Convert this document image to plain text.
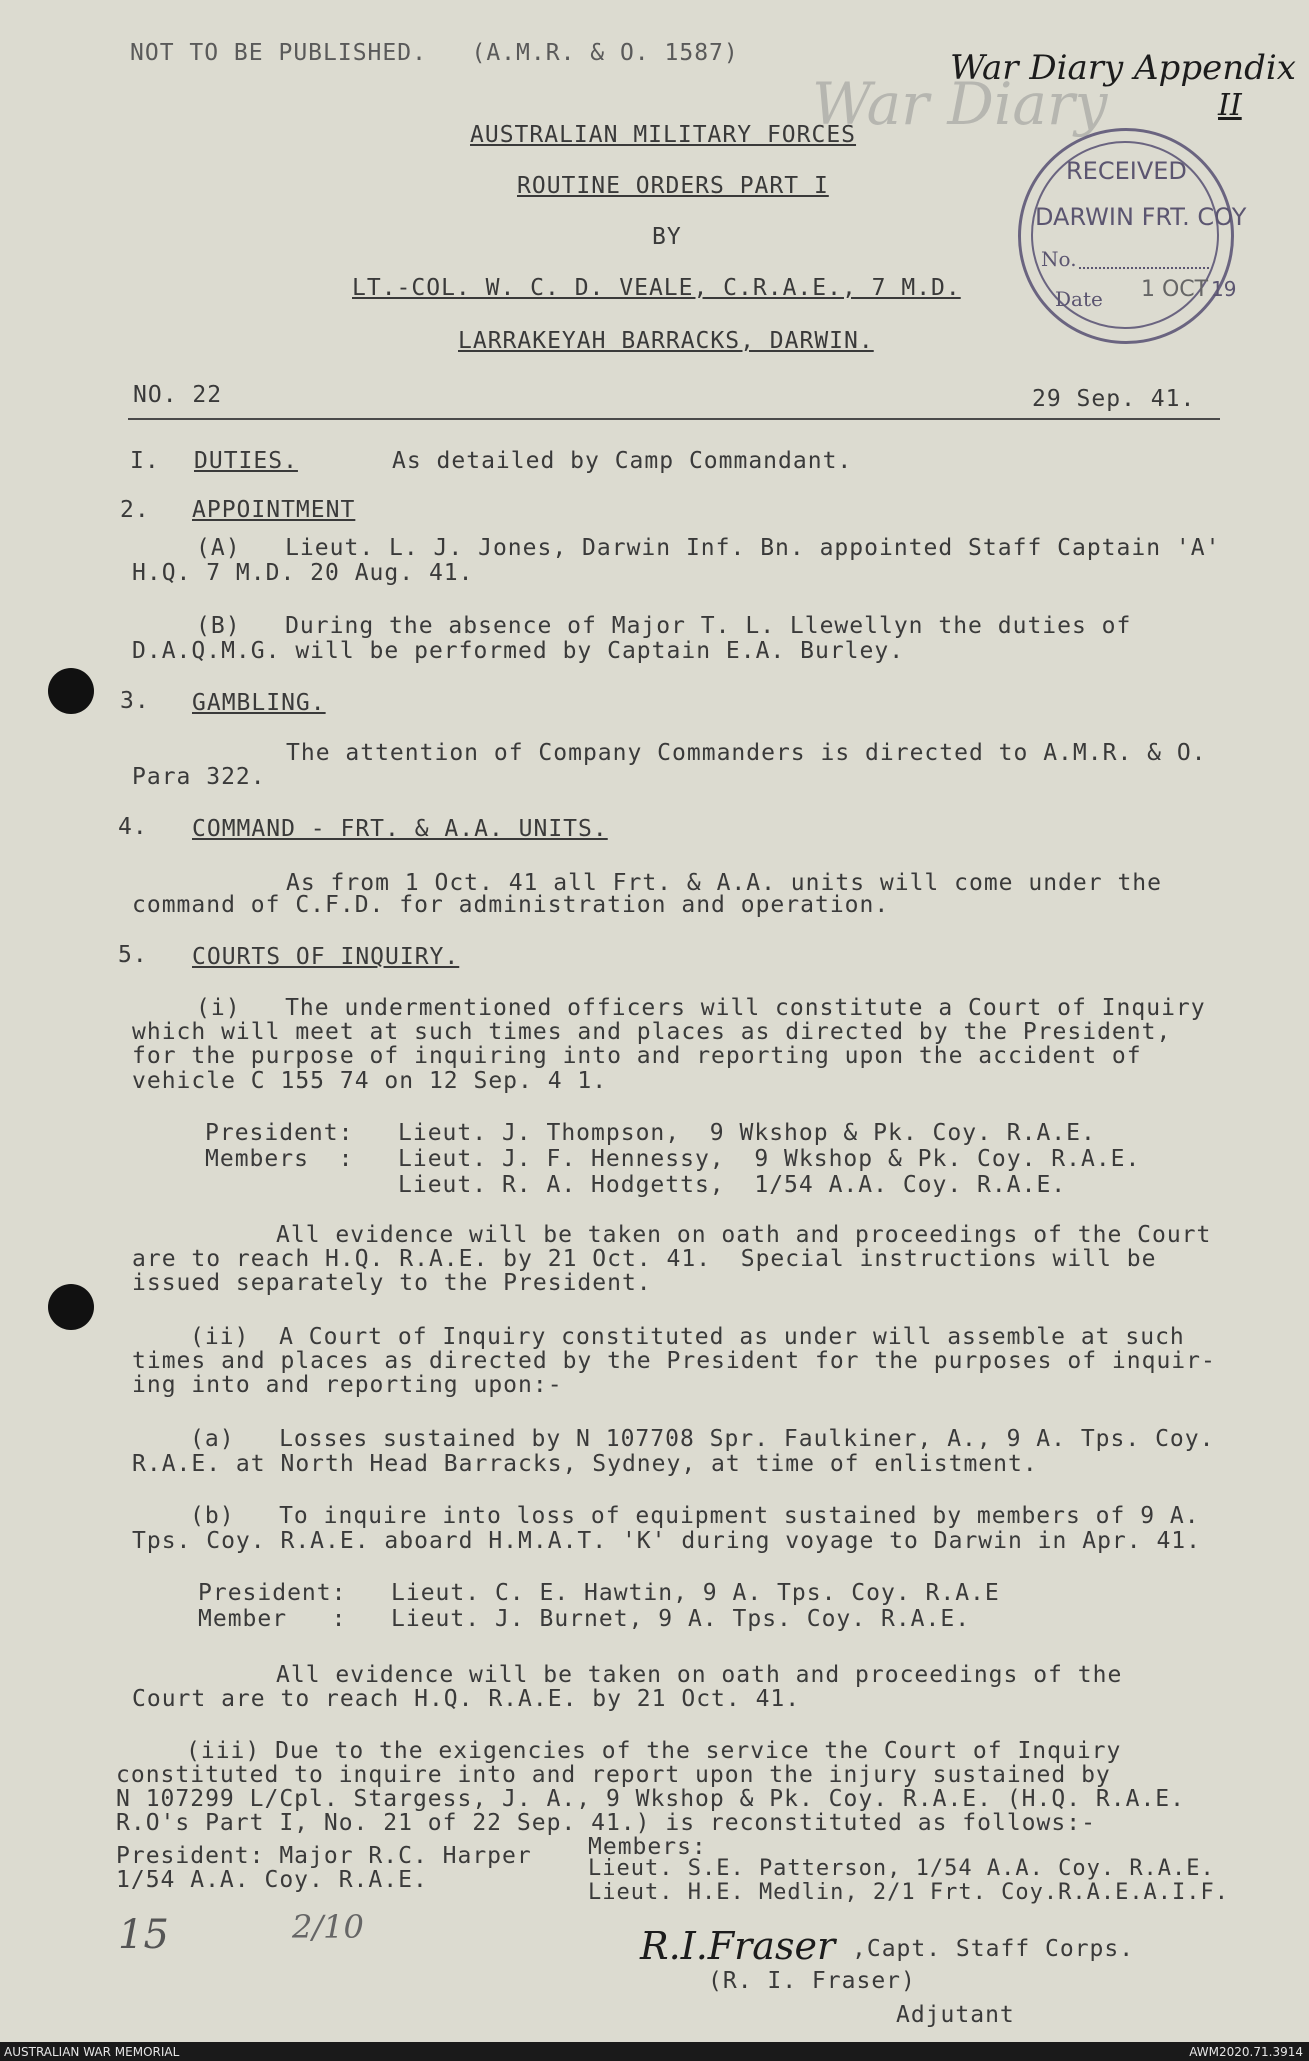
NOT TO BE PUBLISHED.   (A.M.R. & O. 1587)
War Diary
War Diary Appendix
II
RECEIVED
DARWIN FRT. COY
No.
Date 1 OCT 19
AUSTRALIAN MILITARY FORCES
ROUTINE ORDERS PART I
BY
LT.-COL. W. C. D. VEALE, C.R.A.E., 7 M.D.
LARRAKEYAH BARRACKS, DARWIN.
NO. 22	29 Sep. 41.
I. DUTIES.	As detailed by Camp Commandant.
2. APPOINTMENT
(A)   Lieut. L. J. Jones, Darwin Inf. Bn. appointed Staff Captain 'A'
H.Q. 7 M.D. 20 Aug. 41.
(B)   During the absence of Major T. L. Llewellyn the duties of
D.A.Q.M.G. will be performed by Captain E.A. Burley.
3. GAMBLING.
The attention of Company Commanders is directed to A.M.R. & O.
Para 322.
4. COMMAND - FRT. & A.A. UNITS.
As from 1 Oct. 41 all Frt. & A.A. units will come under the
command of C.F.D. for administration and operation.
5. COURTS OF INQUIRY.
(i)   The undermentioned officers will constitute a Court of Inquiry
which will meet at such times and places as directed by the President,
for the purpose of inquiring into and reporting upon the accident of
vehicle C 155 74 on 12 Sep. 4 1.
President:   Lieut. J. Thompson,  9 Wkshop & Pk. Coy. R.A.E.
Members  :   Lieut. J. F. Hennessy,  9 Wkshop & Pk. Coy. R.A.E.
Lieut. R. A. Hodgetts,  1/54 A.A. Coy. R.A.E.
All evidence will be taken on oath and proceedings of the Court
are to reach H.Q. R.A.E. by 21 Oct. 41.  Special instructions will be
issued separately to the President.
(ii)  A Court of Inquiry constituted as under will assemble at such
times and places as directed by the President for the purposes of inquir-
ing into and reporting upon:-
(a)   Losses sustained by N 107708 Spr. Faulkiner, A., 9 A. Tps. Coy.
R.A.E. at North Head Barracks, Sydney, at time of enlistment.
(b)   To inquire into loss of equipment sustained by members of 9 A.
Tps. Coy. R.A.E. aboard H.M.A.T. 'K' during voyage to Darwin in Apr. 41.
President:   Lieut. C. E. Hawtin, 9 A. Tps. Coy. R.A.E
Member   :   Lieut. J. Burnet, 9 A. Tps. Coy. R.A.E.
All evidence will be taken on oath and proceedings of the
Court are to reach H.Q. R.A.E. by 21 Oct. 41.
(iii) Due to the exigencies of the service the Court of Inquiry
constituted to inquire into and report upon the injury sustained by
N 107299 L/Cpl. Stargess, J. A., 9 Wkshop & Pk. Coy. R.A.E. (H.Q. R.A.E.
R.O's Part I, No. 21 of 22 Sep. 41.) is reconstituted as follows:-
President: Major R.C. Harper
1/54 A.A. Coy. R.A.E.
Members:
Lieut. S.E. Patterson, 1/54 A.A. Coy. R.A.E.
Lieut. H.E. Medlin, 2/1 Frt. Coy.R.A.E.A.I.F.
R.I.Fraser ,Capt. Staff Corps.
(R. I. Fraser)
Adjutant
15	2/10
AUSTRALIAN WAR MEMORIAL	AWM2020.71.3914
